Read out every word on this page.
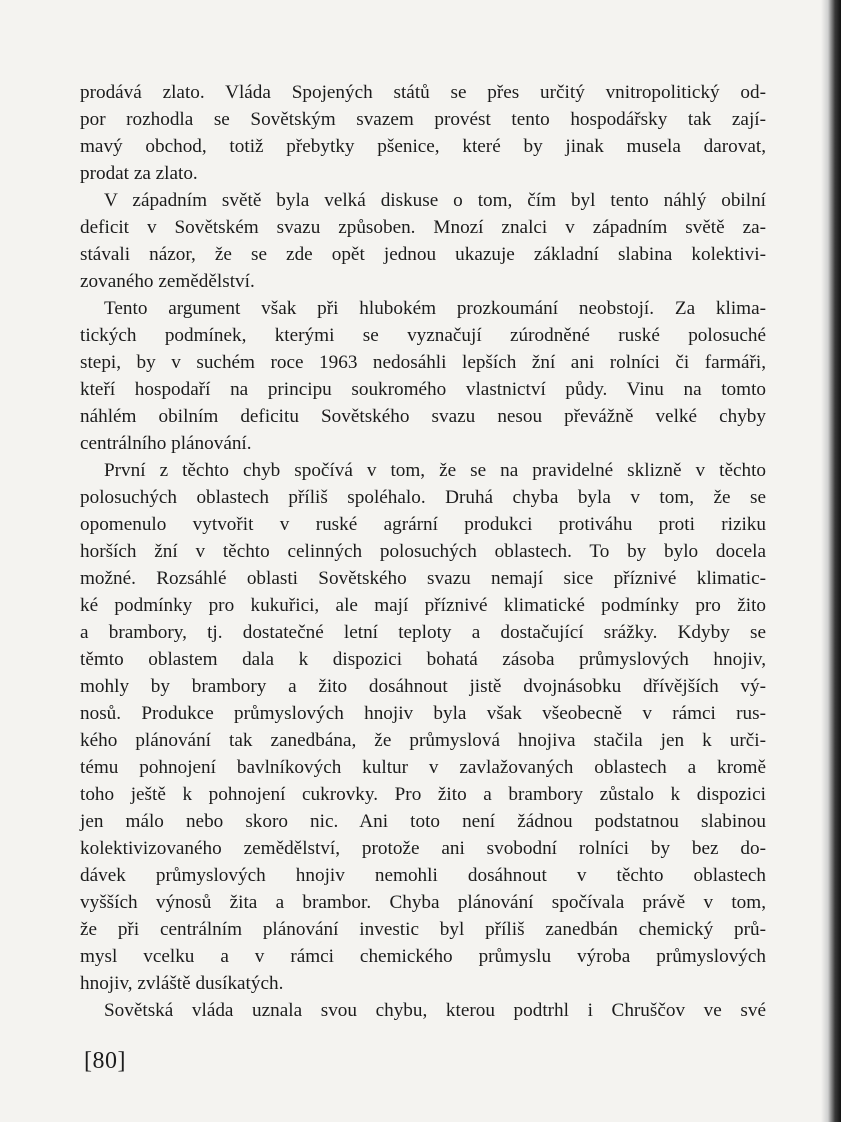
prodává zlato. Vláda Spojených států se přes určitý vnitropolitický od-
por rozhodla se Sovětským svazem provést tento hospodářsky tak zají-
mavý obchod, totiž přebytky pšenice, které by jinak musela darovat,
prodat za zlato.
V západním světě byla velká diskuse o tom, čím byl tento náhlý obilní
deficit v Sovětském svazu způsoben. Mnozí znalci v západním světě za-
stávali názor, že se zde opět jednou ukazuje základní slabina kolektivi-
zovaného zemědělství.
Tento argument však při hlubokém prozkoumání neobstojí. Za klima-
tických podmínek, kterými se vyznačují zúrodněné ruské polosuché
stepi, by v suchém roce 1963 nedosáhli lepších žní ani rolníci či farmáři,
kteří hospodaří na principu soukromého vlastnictví půdy. Vinu na tomto
náhlém obilním deficitu Sovětského svazu nesou převážně velké chyby
centrálního plánování.
První z těchto chyb spočívá v tom, že se na pravidelné sklizně v těchto
polosuchých oblastech příliš spoléhalo. Druhá chyba byla v tom, že se
opomenulo vytvořit v ruské agrární produkci protiváhu proti riziku
horších žní v těchto celinných polosuchých oblastech. To by bylo docela
možné. Rozsáhlé oblasti Sovětského svazu nemají sice příznivé klimatic-
ké podmínky pro kukuřici, ale mají příznivé klimatické podmínky pro žito
a brambory, tj. dostatečné letní teploty a dostačující srážky. Kdyby se
těmto oblastem dala k dispozici bohatá zásoba průmyslových hnojiv,
mohly by brambory a žito dosáhnout jistě dvojnásobku dřívějších vý-
nosů. Produkce průmyslových hnojiv byla však všeobecně v rámci rus-
kého plánování tak zanedbána, že průmyslová hnojiva stačila jen k urči-
tému pohnojení bavlníkových kultur v zavlažovaných oblastech a kromě
toho ještě k pohnojení cukrovky. Pro žito a brambory zůstalo k dispozici
jen málo nebo skoro nic. Ani toto není žádnou podstatnou slabinou
kolektivizovaného zemědělství, protože ani svobodní rolníci by bez do-
dávek průmyslových hnojiv nemohli dosáhnout v těchto oblastech
vyšších výnosů žita a brambor. Chyba plánování spočívala právě v tom,
že při centrálním plánování investic byl příliš zanedbán chemický prů-
mysl vcelku a v rámci chemického průmyslu výroba průmyslových
hnojiv, zvláště dusíkatých.
Sovětská vláda uznala svou chybu, kterou podtrhl i Chruščov ve své
[80]
